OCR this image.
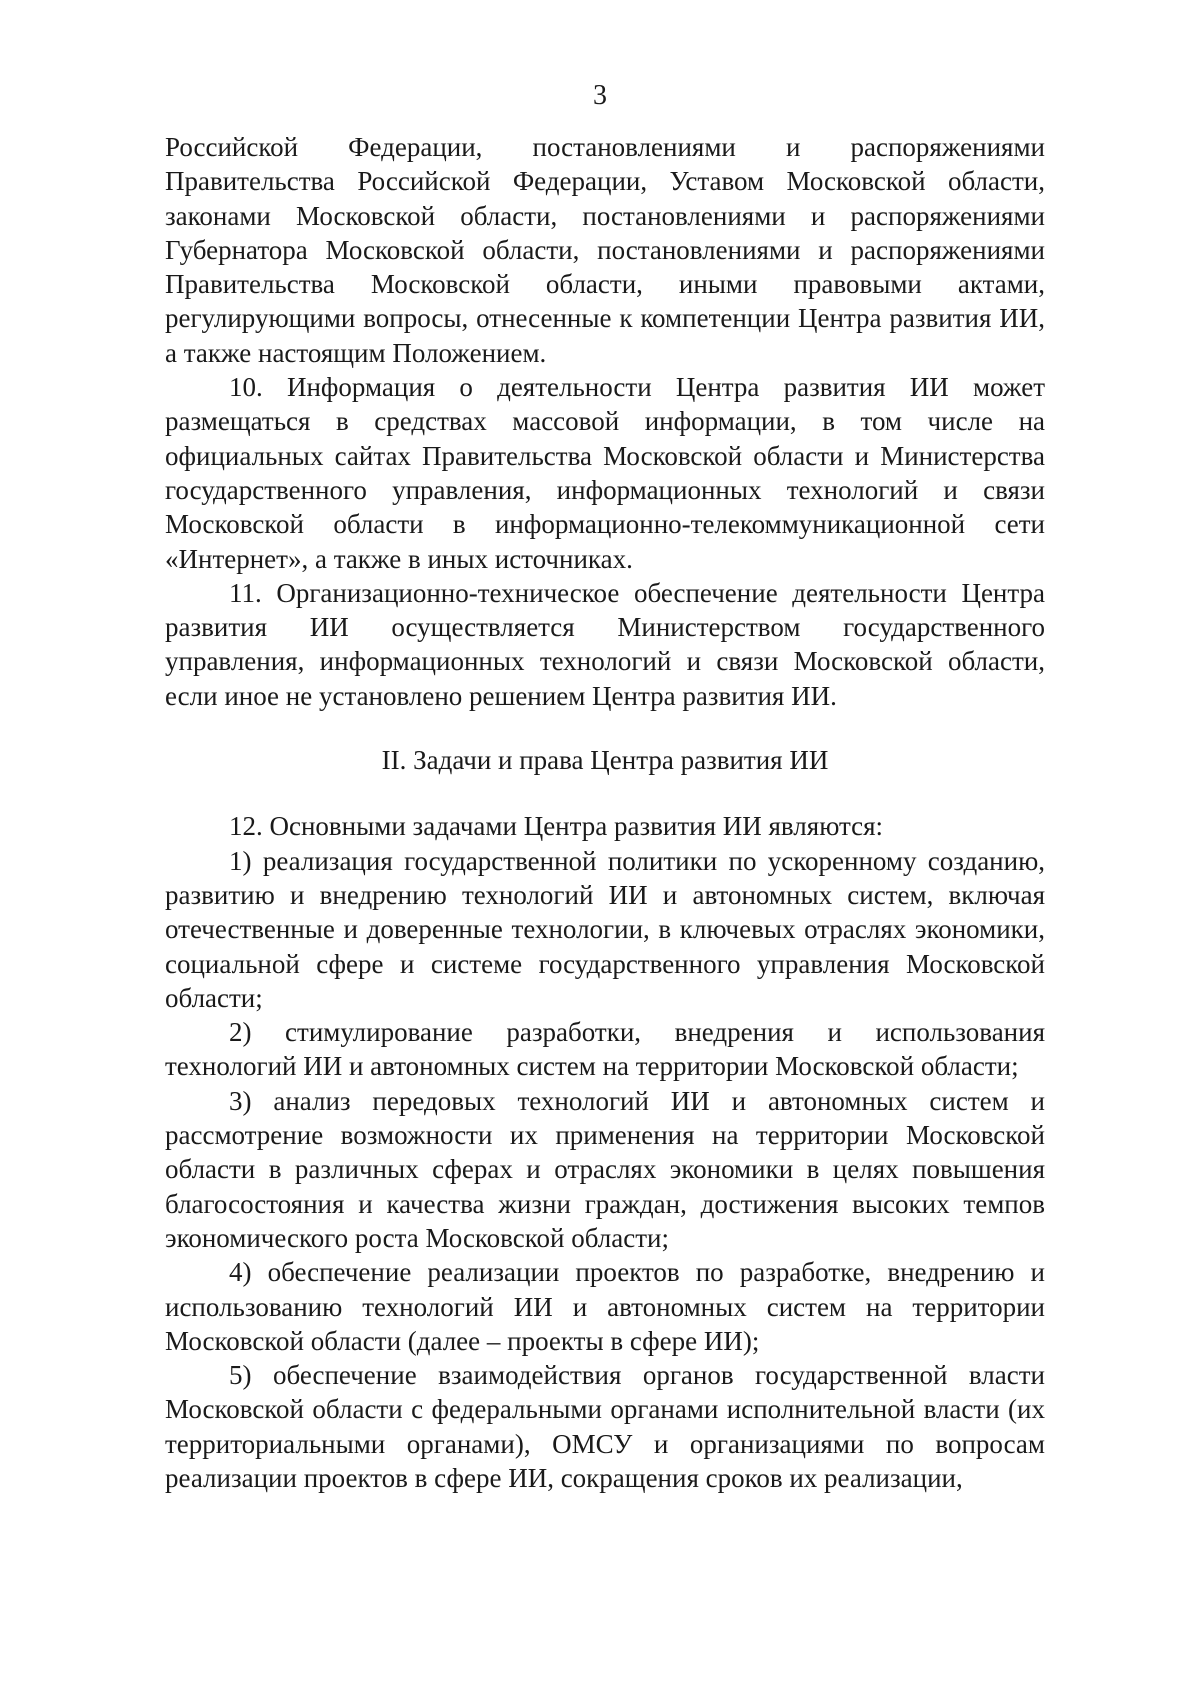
3

Российской Федерации, постановлениями и распоряжениями Правительства Российской Федерации, Уставом Московской области, законами Московской области, постановлениями и распоряжениями Губернатора Московской области, постановлениями и распоряжениями Правительства Московской области, иными правовыми актами, регулирующими вопросы, отнесенные к компетенции Центра развития ИИ, а также настоящим Положением.

10. Информация о деятельности Центра развития ИИ может размещаться в средствах массовой информации, в том числе на официальных сайтах Правительства Московской области и Министерства государственного управления, информационных технологий и связи Московской области в информационно-телекоммуникационной сети «Интернет», а также в иных источниках.

11. Организационно-техническое обеспечение деятельности Центра развития ИИ осуществляется Министерством государственного управления, информационных технологий и связи Московской области, если иное не установлено решением Центра развития ИИ.

II. Задачи и права Центра развития ИИ

12. Основными задачами Центра развития ИИ являются:

1) реализация государственной политики по ускоренному созданию, развитию и внедрению технологий ИИ и автономных систем, включая отечественные и доверенные технологии, в ключевых отраслях экономики, социальной сфере и системе государственного управления Московской области;

2) стимулирование разработки, внедрения и использования технологий ИИ и автономных систем на территории Московской области;

3) анализ передовых технологий ИИ и автономных систем и рассмотрение возможности их применения на территории Московской области в различных сферах и отраслях экономики в целях повышения благосостояния и качества жизни граждан, достижения высоких темпов экономического роста Московской области;

4) обеспечение реализации проектов по разработке, внедрению и использованию технологий ИИ и автономных систем на территории Московской области (далее – проекты в сфере ИИ);

5) обеспечение взаимодействия органов государственной власти Московской области с федеральными органами исполнительной власти (их территориальными органами), ОМСУ и организациями по вопросам реализации проектов в сфере ИИ, сокращения сроков их реализации,
